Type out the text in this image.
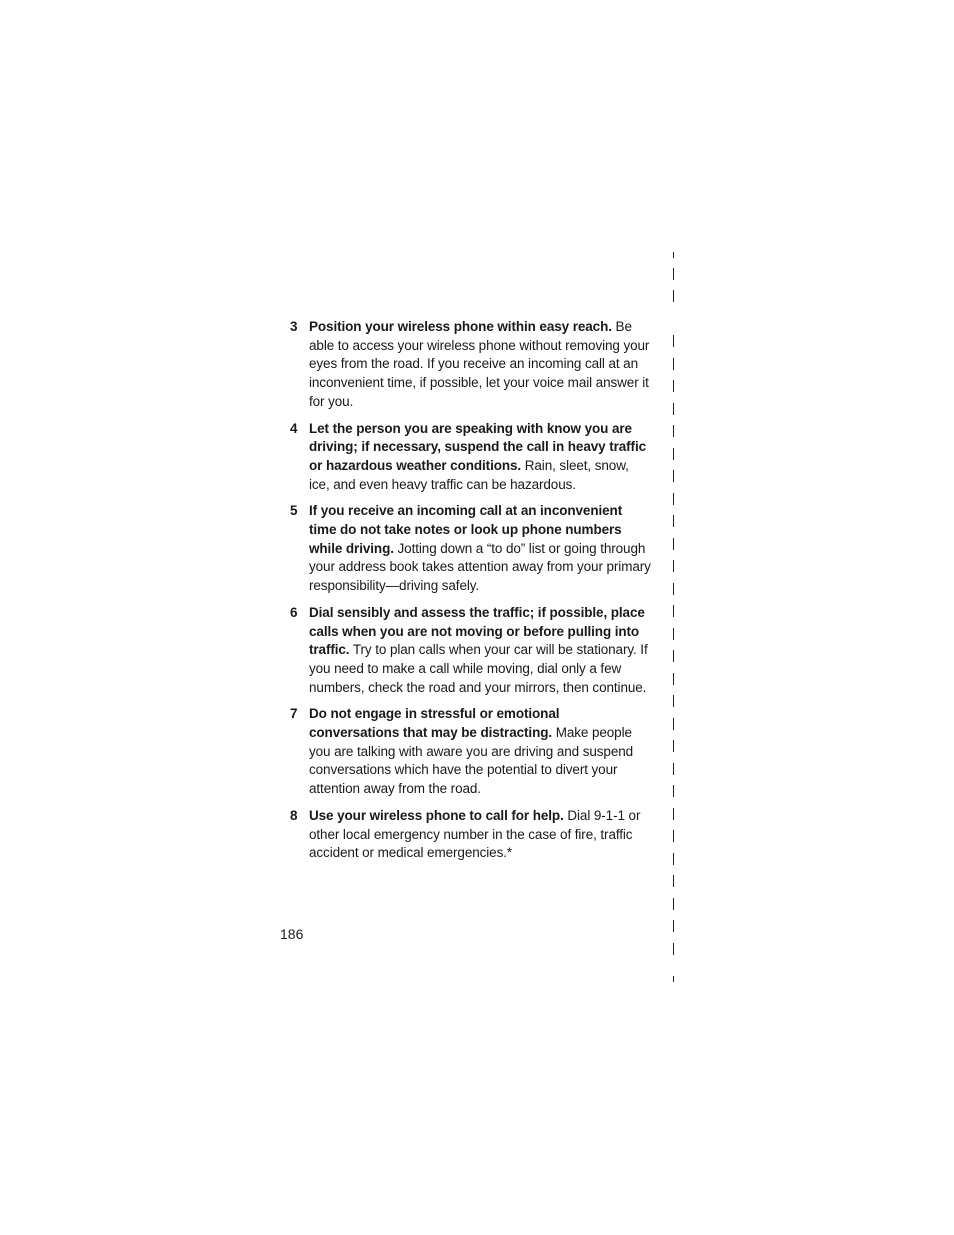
3 Position your wireless phone within easy reach. Be able to access your wireless phone without removing your eyes from the road. If you receive an incoming call at an inconvenient time, if possible, let your voice mail answer it for you.
4 Let the person you are speaking with know you are driving; if necessary, suspend the call in heavy traffic or hazardous weather conditions. Rain, sleet, snow, ice, and even heavy traffic can be hazardous.
5 If you receive an incoming call at an inconvenient time do not take notes or look up phone numbers while driving. Jotting down a “to do” list or going through your address book takes attention away from your primary responsibility—driving safely.
6 Dial sensibly and assess the traffic; if possible, place calls when you are not moving or before pulling into traffic. Try to plan calls when your car will be stationary. If you need to make a call while moving, dial only a few numbers, check the road and your mirrors, then continue.
7 Do not engage in stressful or emotional conversations that may be distracting. Make people you are talking with aware you are driving and suspend conversations which have the potential to divert your attention away from the road.
8 Use your wireless phone to call for help. Dial 9-1-1 or other local emergency number in the case of fire, traffic accident or medical emergencies.*
186
